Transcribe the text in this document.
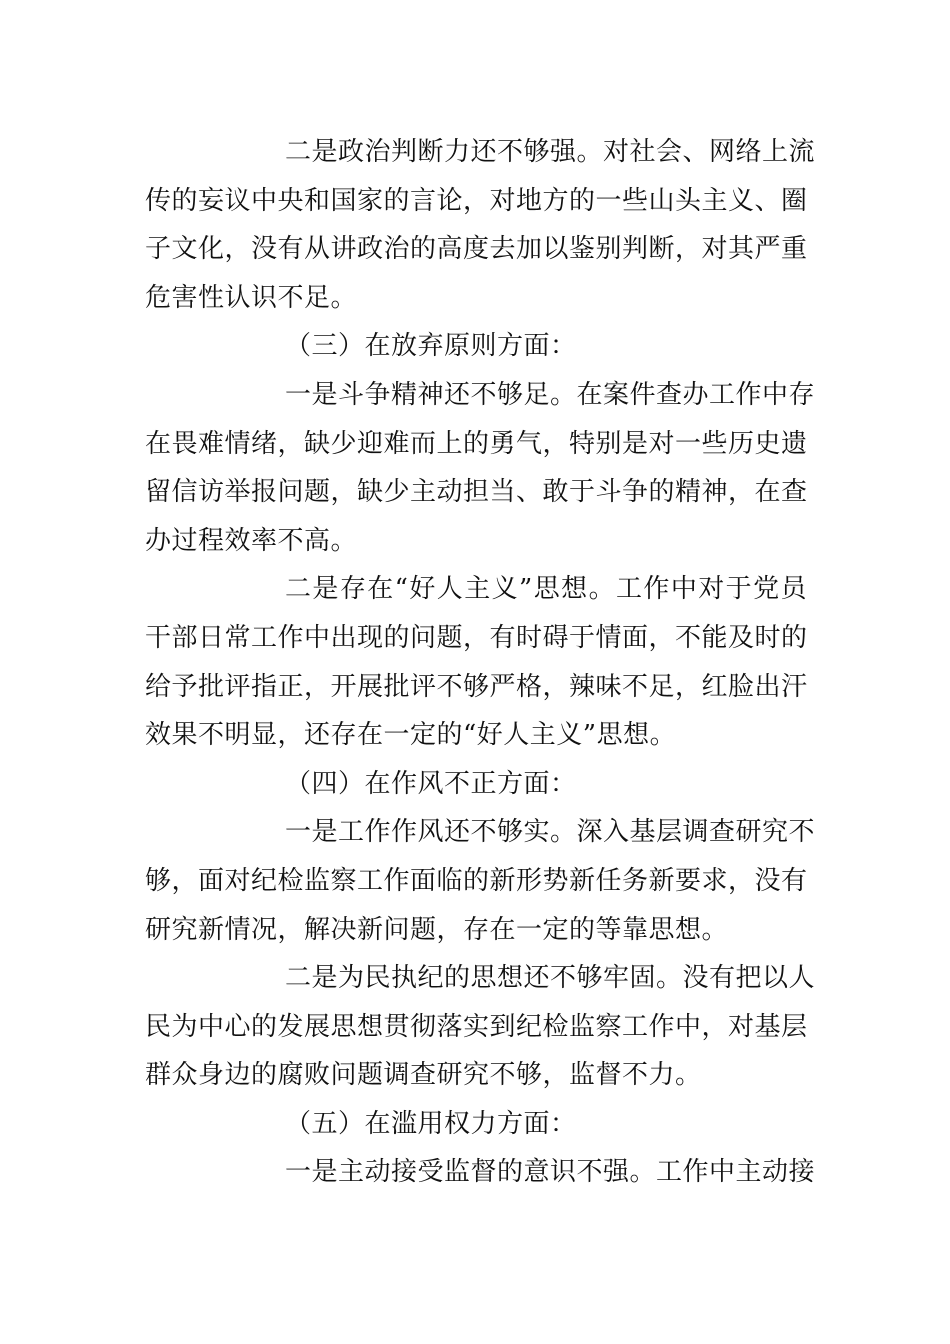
二是政治判断力还不够强。对社会、网络上流
传的妄议中央和国家的言论，对地方的一些山头主义、圈
子文化，没有从讲政治的高度去加以鉴别判断，对其严重
危害性认识不足。
（三）在放弃原则方面：
一是斗争精神还不够足。在案件查办工作中存
在畏难情绪，缺少迎难而上的勇气，特别是对一些历史遗
留信访举报问题，缺少主动担当、敢于斗争的精神，在查
办过程效率不高。
二是存在“好人主义”思想。工作中对于党员
干部日常工作中出现的问题，有时碍于情面，不能及时的
给予批评指正，开展批评不够严格，辣味不足，红脸出汗
效果不明显，还存在一定的“好人主义”思想。
（四）在作风不正方面：
一是工作作风还不够实。深入基层调查研究不
够，面对纪检监察工作面临的新形势新任务新要求，没有
研究新情况，解决新问题，存在一定的等靠思想。
二是为民执纪的思想还不够牢固。没有把以人
民为中心的发展思想贯彻落实到纪检监察工作中，对基层
群众身边的腐败问题调查研究不够，监督不力。
（五）在滥用权力方面：
一是主动接受监督的意识不强。工作中主动接
